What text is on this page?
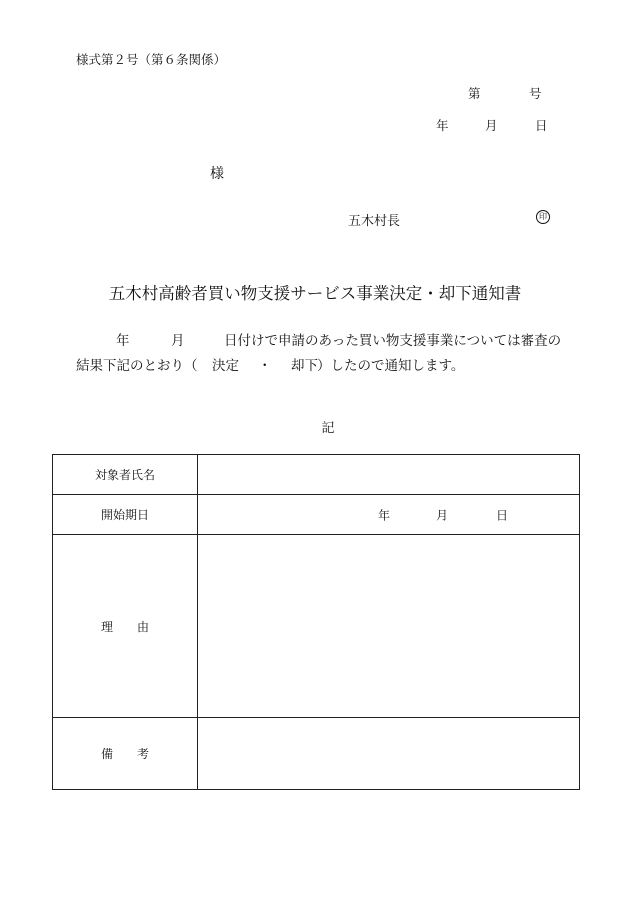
様式第２号（第６条関係）
第	号
年	月	日
様
五木村長	印
五木村高齢者買い物支援サービス事業決定・却下通知書
年	月	日付けで申請のあった買い物支援事業については審査の
結果下記のとおり（ 決定 ・ 却下 ）したので通知します。
記
対象者氏名	
開始期日	年 月 日

理　　由	
備　　考	
